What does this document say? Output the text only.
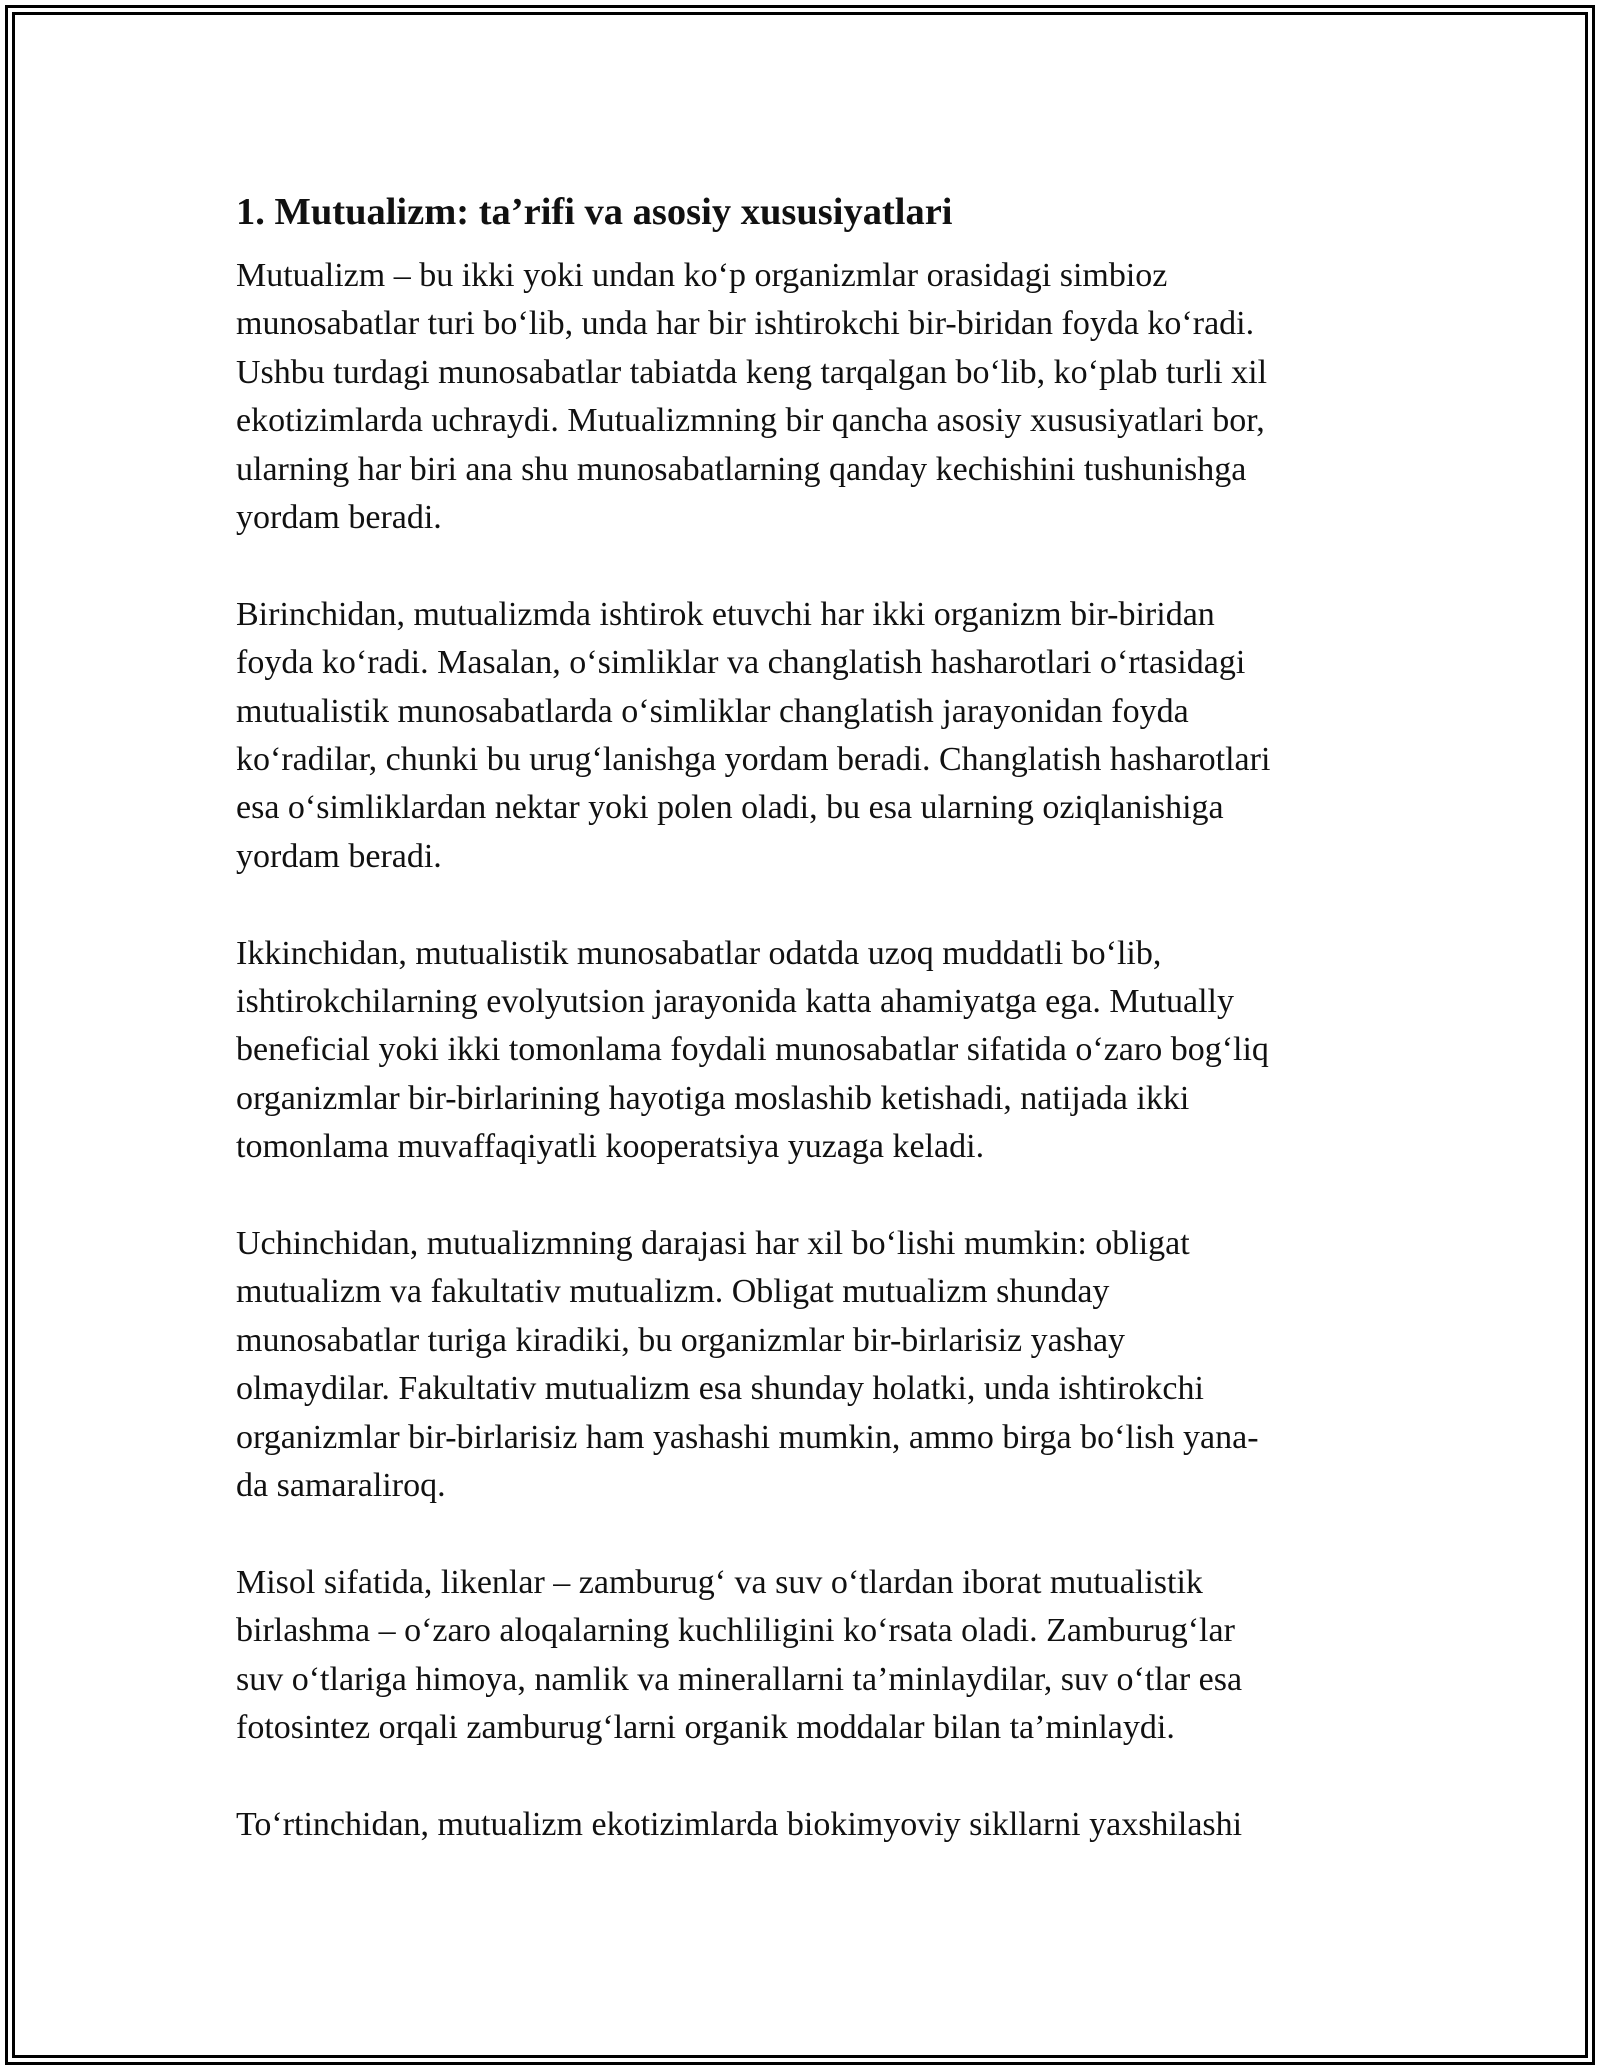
1. Mutualizm: ta’rifi va asosiy xususiyatlari

Mutualizm – bu ikki yoki undan koʻp organizmlar orasidagi simbioz
munosabatlar turi boʻlib, unda har bir ishtirokchi bir-biridan foyda koʻradi.
Ushbu turdagi munosabatlar tabiatda keng tarqalgan boʻlib, koʻplab turli xil
ekotizimlarda uchraydi. Mutualizmning bir qancha asosiy xususiyatlari bor,
ularning har biri ana shu munosabatlarning qanday kechishini tushunishga
yordam beradi.

Birinchidan, mutualizmda ishtirok etuvchi har ikki organizm bir-biridan
foyda koʻradi. Masalan, oʻsimliklar va changlatish hasharotlari oʻrtasidagi
mutualistik munosabatlarda oʻsimliklar changlatish jarayonidan foyda
koʻradilar, chunki bu urugʻlanishga yordam beradi. Changlatish hasharotlari
esa oʻsimliklardan nektar yoki polen oladi, bu esa ularning oziqlanishiga
yordam beradi.

Ikkinchidan, mutualistik munosabatlar odatda uzoq muddatli boʻlib,
ishtirokchilarning evolyutsion jarayonida katta ahamiyatga ega. Mutually
beneficial yoki ikki tomonlama foydali munosabatlar sifatida oʻzaro bogʻliq
organizmlar bir-birlarining hayotiga moslashib ketishadi, natijada ikki
tomonlama muvaffaqiyatli kooperatsiya yuzaga keladi.

Uchinchidan, mutualizmning darajasi har xil boʻlishi mumkin: obligat
mutualizm va fakultativ mutualizm. Obligat mutualizm shunday
munosabatlar turiga kiradiki, bu organizmlar bir-birlarisiz yashay
olmaydilar. Fakultativ mutualizm esa shunday holatki, unda ishtirokchi
organizmlar bir-birlarisiz ham yashashi mumkin, ammo birga boʻlish yana-
da samaraliroq.

Misol sifatida, likenlar – zamburugʻ va suv oʻtlardan iborat mutualistik
birlashma – oʻzaro aloqalarning kuchliligini koʻrsata oladi. Zamburugʻlar
suv oʻtlariga himoya, namlik va minerallarni ta’minlaydilar, suv oʻtlar esa
fotosintez orqali zamburugʻlarni organik moddalar bilan ta’minlaydi.

Toʻrtinchidan, mutualizm ekotizimlarda biokimyoviy sikllarni yaxshilashi
